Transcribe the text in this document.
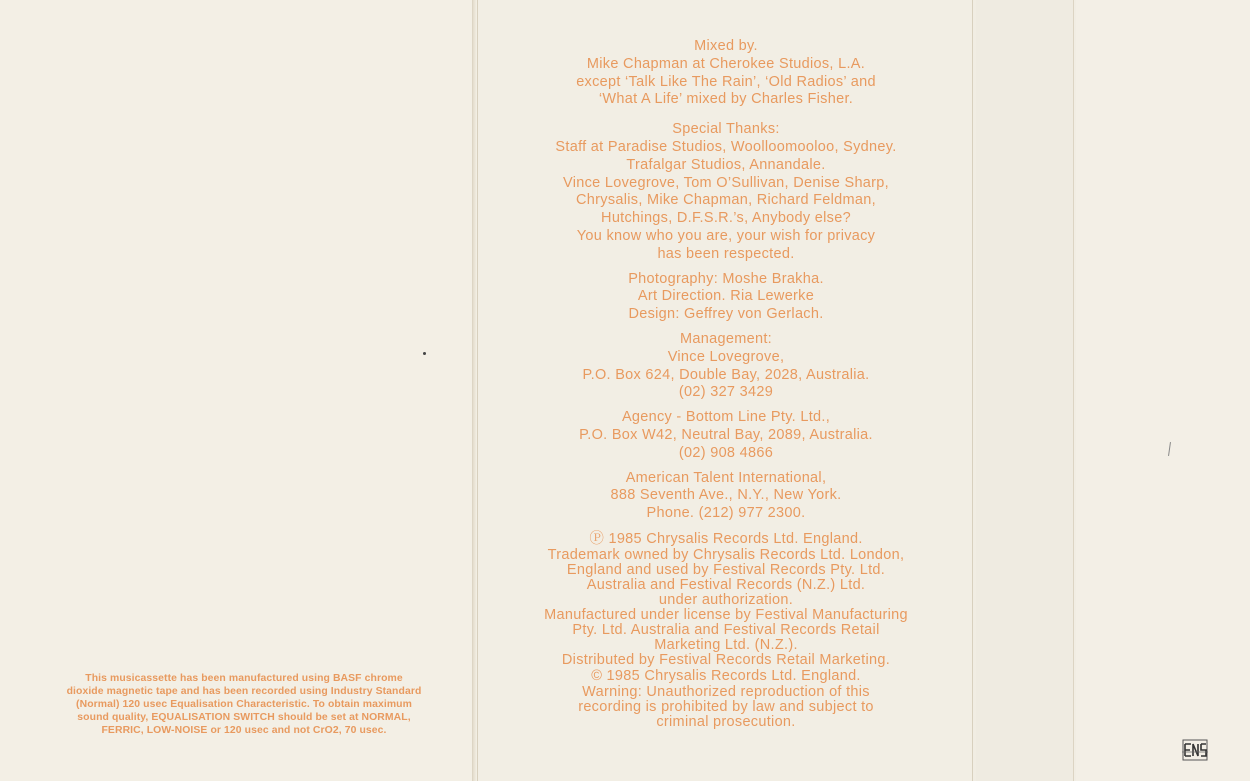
This musicassette has been manufactured using BASF chrome
dioxide magnetic tape and has been recorded using Industry Standard
(Normal) 120 usec Equalisation Characteristic. To obtain maximum
sound quality, EQUALISATION SWITCH should be set at NORMAL,
FERRIC, LOW-NOISE or 120 usec and not CrO2, 70 usec.
Mixed by.
Mike Chapman at Cherokee Studios, L.A.
except ‘Talk Like The Rain’, ‘Old Radios’ and
‘What A Life’ mixed by Charles Fisher.
Special Thanks:
Staff at Paradise Studios, Woolloomooloo, Sydney.
Trafalgar Studios, Annandale.
Vince Lovegrove, Tom O’Sullivan, Denise Sharp,
Chrysalis, Mike Chapman, Richard Feldman,
Hutchings, D.F.S.R.’s, Anybody else?
You know who you are, your wish for privacy
has been respected.
Photography: Moshe Brakha.
Art Direction. Ria Lewerke
Design: Geffrey von Gerlach.
Management:
Vince Lovegrove,
P.O. Box 624, Double Bay, 2028, Australia.
(02) 327 3429
Agency - Bottom Line Pty. Ltd.,
P.O. Box W42, Neutral Bay, 2089, Australia.
(02) 908 4866
American Talent International,
888 Seventh Ave., N.Y., New York.
Phone. (212) 977 2300.
Ⓟ 1985 Chrysalis Records Ltd. England.
Trademark owned by Chrysalis Records Ltd. London,
England and used by Festival Records Pty. Ltd.
Australia and Festival Records (N.Z.) Ltd.
under authorization.
Manufactured under license by Festival Manufacturing
Pty. Ltd. Australia and Festival Records Retail
Marketing Ltd. (N.Z.).
Distributed by Festival Records Retail Marketing.
© 1985 Chrysalis Records Ltd. England.
Warning: Unauthorized reproduction of this
recording is prohibited by law and subject to
criminal prosecution.
